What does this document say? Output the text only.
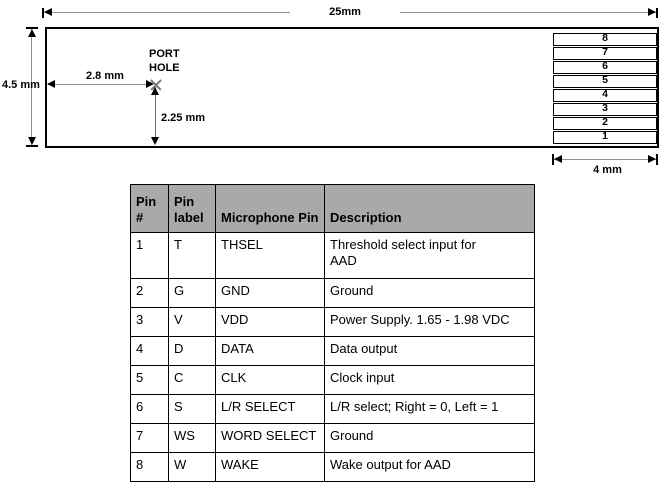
25mm
4.5 mm
2.8 mm
PORT
HOLE
2.25 mm
8
7
6
5
4
3
2
1
4 mm
Pin #	Pin label	Microphone Pin	Description
1	T	THSEL	Threshold select input for AAD
2	G	GND	Ground
3	V	VDD	Power Supply. 1.65 - 1.98 VDC
4	D	DATA	Data output
5	C	CLK	Clock input
6	S	L/R SELECT	L/R select; Right = 0, Left = 1
7	WS	WORD SELECT	Ground
8	W	WAKE	Wake output for AAD
